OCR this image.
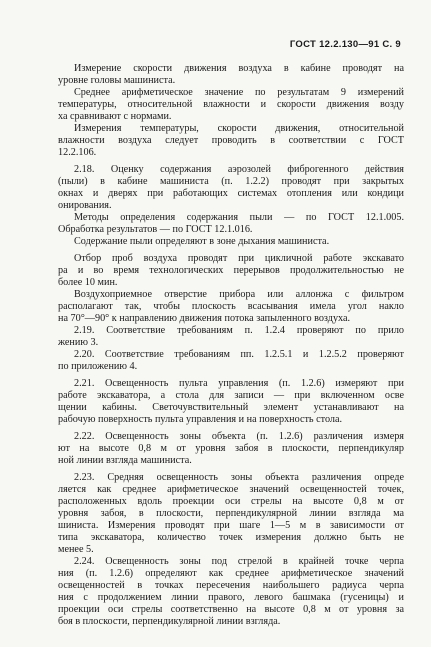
ГОСТ 12.2.130—91 С. 9
Измерение скорости движения воздуха в кабине проводят на
уровне головы машиниста.
Среднее арифметическое значение по результатам 9 измерений
температуры, относительной влажности и скорости движения возду
ха сравнивают с нормами.
Измерения температуры, скорости движения, относительной
влажности воздуха следует проводить в соответствии с ГОСТ
12.2.106.
2.18. Оценку содержания аэрозолей фиброгенного действия
(пыли) в кабине машиниста (п. 1.2.2) проводят при закрытых
окнах и дверях при работающих системах отопления или кондици
онирования.
Методы определения содержания пыли — по ГОСТ 12.1.005.
Обработка результатов — по ГОСТ 12.1.016.
Содержание пыли определяют в зоне дыхания машиниста.
Отбор проб воздуха проводят при цикличной работе экскавато
ра и во время технологических перерывов продолжительностью не
более 10 мин.
Воздухоприемное отверстие прибора или аллонжа с фильтром
располагают так, чтобы плоскость всасывания имела угол накло
на 70°—90° к направлению движения потока запыленного воздуха.
2.19. Соответствие требованиям п. 1.2.4 проверяют по прило
жению 3.
2.20. Соответствие требованиям пп. 1.2.5.1 и 1.2.5.2 проверяют
по приложению 4.
2.21. Освещенность пульта управления (п. 1.2.6) измеряют при
работе экскаватора, а стола для записи — при включенном осве
щении кабины. Светочувствительный элемент устанавливают на
рабочую поверхность пульта управления и на поверхность стола.
2.22. Освещенность зоны объекта (п. 1.2.6) различения измеря
ют на высоте 0,8 м от уровня забоя в плоскости, перпендикуляр
ной линии взгляда машиниста.
2.23. Средняя освещенность зоны объекта различения опреде
ляется как среднее арифметическое значений освещенностей точек,
расположенных вдоль проекции оси стрелы на высоте 0,8 м от
уровня забоя, в плоскости, перпендикулярной линии взгляда ма
шиниста. Измерения проводят при шаге 1—5 м в зависимости от
типа экскаватора, количество точек измерения должно быть не
менее 5.
2.24. Освещенность зоны под стрелой в крайней точке черпа
ния (п. 1.2.6) определяют как среднее арифметическое значений
освещенностей в точках пересечения наибольшего радиуса черпа
ния с продолжением линии правого, левого башмака (гусеницы) и
проекции оси стрелы соответственно на высоте 0,8 м от уровня за
боя в плоскости, перпендикулярной линии взгляда.
